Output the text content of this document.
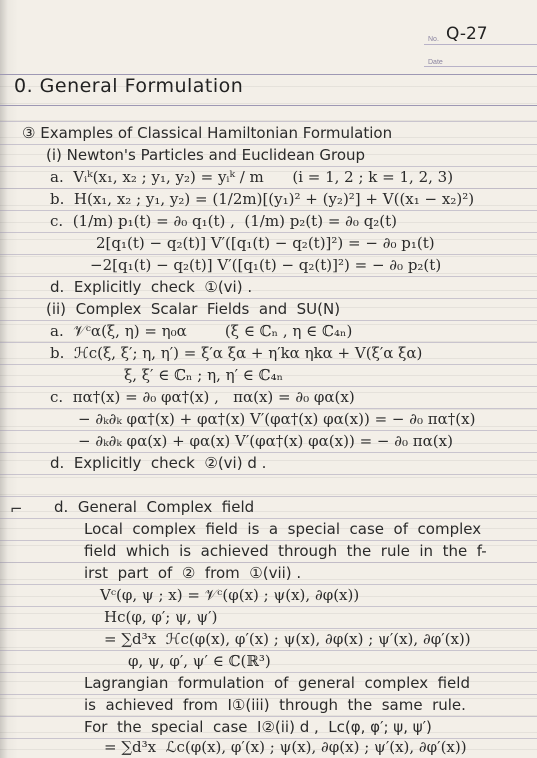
No. Q-27
Date
0. General Formulation
⌐
③ Examples of Classical Hamiltonian Formulation
(i) Newton's Particles and Euclidean Group
a.  Vᵢᵏ(x₁, x₂ ; y₁, y₂) = yᵢᵏ / m      (i = 1, 2 ; k = 1, 2, 3)
b.  H(x₁, x₂ ; y₁, y₂) = (1/2m)[(y₁)² + (y₂)²] + V((x₁ − x₂)²)
c.  (1/m) p₁(t) = ∂₀ q₁(t) ,  (1/m) p₂(t) = ∂₀ q₂(t)
2[q₁(t) − q₂(t)] V′([q₁(t) − q₂(t)]²) = − ∂₀ p₁(t)
−2[q₁(t) − q₂(t)] V′([q₁(t) − q₂(t)]²) = − ∂₀ p₂(t)
d.  Explicitly  check  ①(vi) .
(ii)  Complex  Scalar  Fields  and  SU(N)
a.  𝒱ᶜα(ξ, η) = η₀α        (ξ ∈ ℂₙ , η ∈ ℂ₄ₙ)
b.  ℋc(ξ, ξ′; η, η′) = ξ′α ξα + η′kα ηkα + V(ξ′α ξα)
ξ, ξ′ ∈ ℂₙ ; η, η′ ∈ ℂ₄ₙ
c.  πα†(x) = ∂₀ φα†(x) ,   πα(x) = ∂₀ φα(x)
− ∂ₖ∂ₖ φα†(x) + φα†(x) V′(φα†(x) φα(x)) = − ∂₀ πα†(x)
− ∂ₖ∂ₖ φα(x) + φα(x) V′(φα†(x) φα(x)) = − ∂₀ πα(x)
d.  Explicitly  check  ②(vi) d .
d.  General  Complex  field
Local  complex  field  is  a  special  case  of  complex
field  which  is  achieved  through  the  rule  in  the  f-
irst  part  of  ②  from  ①(vii) .
Vᶜ(φ, ψ ; x) = 𝒱ᶜ(φ(x) ; ψ(x), ∂φ(x))
Hc(φ, φ′; ψ, ψ′)
= ∑d³x  ℋc(φ(x), φ′(x) ; ψ(x), ∂φ(x) ; ψ′(x), ∂φ′(x))
φ, ψ, φ′, ψ′ ∈ ℂ(ℝ³)
Lagrangian  formulation  of  general  complex  field
is  achieved  from  Ⅰ①(iii)  through  the  same  rule.
For  the  special  case  Ⅰ②(ii) d ,  Lc(φ, φ′; ψ, ψ′)
= ∑d³x  ℒc(φ(x), φ′(x) ; ψ(x), ∂φ(x) ; ψ′(x), ∂φ′(x))
